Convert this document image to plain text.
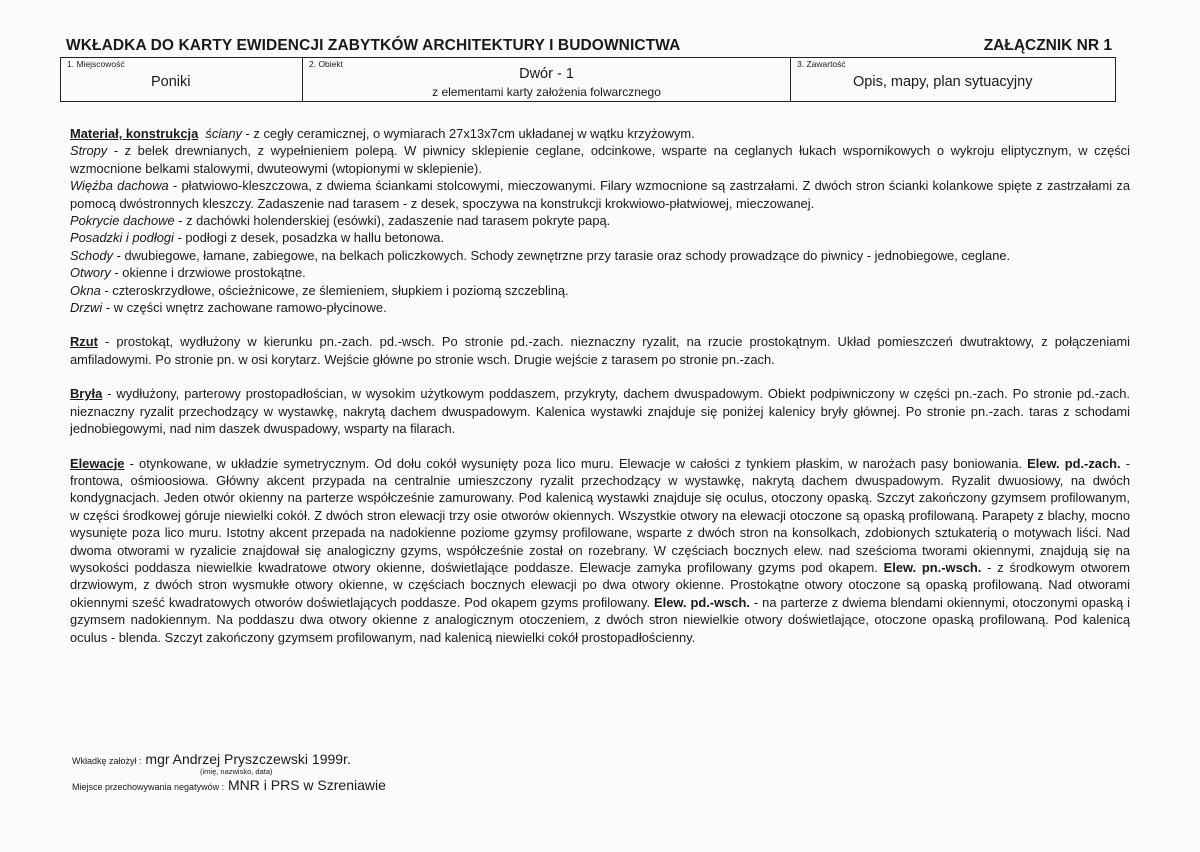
WKŁADKA DO KARTY EWIDENCJI ZABYTKÓW ARCHITEKTURY I BUDOWNICTWA	ZAŁĄCZNIK NR 1
1. Miejscowość
Poniki
2. Obiekt
Dwór - 1
z elementami karty założenia folwarcznego
3. Zawartość
Opis, mapy, plan sytuacyjny

Materiał, konstrukcja ściany - z cegły ceramicznej, o wymiarach 27x13x7cm układanej w wątku krzyżowym.
Stropy - z belek drewnianych, z wypełnieniem polepą. W piwnicy sklepienie ceglane, odcinkowe, wsparte na ceglanych łukach wspornikowych o wykroju eliptycznym, w części wzmocnione belkami stalowymi, dwuteowymi (wtopionymi w sklepienie).
Więźba dachowa - płatwiowo-kleszczowa, z dwiema ściankami stolcowymi, mieczowanymi. Filary wzmocnione są zastrzałami. Z dwóch stron ścianki kolankowe spięte z zastrzałami za pomocą dwóstronnych kleszczy. Zadaszenie nad tarasem - z desek, spoczywa na konstrukcji krokwiowo-płatwiowej, mieczowanej.
Pokrycie dachowe - z dachówki holenderskiej (esówki), zadaszenie nad tarasem pokryte papą.
Posadzki i podłogi - podłogi z desek, posadzka w hallu betonowa.
Schody - dwubiegowe, łamane, zabiegowe, na belkach policzkowych. Schody zewnętrzne przy tarasie oraz schody prowadzące do piwnicy - jednobiegowe, ceglane.
Otwory - okienne i drzwiowe prostokątne.
Okna - czteroskrzydłowe, ościeżnicowe, ze ślemieniem, słupkiem i poziomą szczebliną.
Drzwi - w części wnętrz zachowane ramowo-płycinowe.

Rzut - prostokąt, wydłużony w kierunku pn.-zach. pd.-wsch. Po stronie pd.-zach. nieznaczny ryzalit, na rzucie prostokątnym. Układ pomieszczeń dwutraktowy, z połączeniami amfiladowymi. Po stronie pn. w osi korytarz. Wejście główne po stronie wsch. Drugie wejście z tarasem po stronie pn.-zach.

Bryła - wydłużony, parterowy prostopadłościan, w wysokim użytkowym poddaszem, przykryty, dachem dwuspadowym. Obiekt podpiwniczony w części pn.-zach. Po stronie pd.-zach. nieznaczny ryzalit przechodzący w wystawkę, nakrytą dachem dwuspadowym. Kalenica wystawki znajduje się poniżej kalenicy bryły głównej. Po stronie pn.-zach. taras z schodami jednobiegowymi, nad nim daszek dwuspadowy, wsparty na filarach.

Elewacje - otynkowane, w układzie symetrycznym. Od dołu cokół wysunięty poza lico muru. Elewacje w całości z tynkiem płaskim, w narożach pasy boniowania. Elew. pd.-zach. - frontowa, ośmioosiowa. Główny akcent przypada na centralnie umieszczony ryzalit przechodzący w wystawkę, nakrytą dachem dwuspadowym. Ryzalit dwuosiowy, na dwóch kondygnacjach. Jeden otwór okienny na parterze współcześnie zamurowany. Pod kalenicą wystawki znajduje się oculus, otoczony opaską. Szczyt zakończony gzymsem profilowanym, w części środkowej góruje niewielki cokół. Z dwóch stron elewacji trzy osie otworów okiennych. Wszystkie otwory na elewacji otoczone są opaską profilowaną. Parapety z blachy, mocno wysunięte poza lico muru. Istotny akcent przepada na nadokienne poziome gzymsy profilowane, wsparte z dwóch stron na konsolkach, zdobionych sztukaterią o motywach liści. Nad dwoma otworami w ryzalicie znajdował się analogiczny gzyms, współcześnie został on rozebrany. W częściach bocznych elew. nad sześcioma tworami okiennymi, znajdują się na wysokości poddasza niewielkie kwadratowe otwory okienne, doświetlające poddasze. Elewacje zamyka profilowany gzyms pod okapem. Elew. pn.-wsch. - z środkowym otworem drzwiowym, z dwóch stron wysmukłe otwory okienne, w częściach bocznych elewacji po dwa otwory okienne. Prostokątne otwory otoczone są opaską profilowaną. Nad otworami okiennymi sześć kwadratowych otworów doświetlających poddasze. Pod okapem gzyms profilowany. Elew. pd.-wsch. - na parterze z dwiema blendami okiennymi, otoczonymi opaską i gzymsem nadokiennym. Na poddaszu dwa otwory okienne z analogicznym otoczeniem, z dwóch stron niewielkie otwory doświetlające, otoczone opaską profilowaną. Pod kalenicą oculus - blenda. Szczyt zakończony gzymsem profilowanym, nad kalenicą niewielki cokół prostopadłościenny.

Wkładkę założył : mgr Andrzej Pryszczewski 1999r.
(imię, nazwisko, data)
Miejsce przechowywania negatywów : MNR i PRS w Szreniawie
